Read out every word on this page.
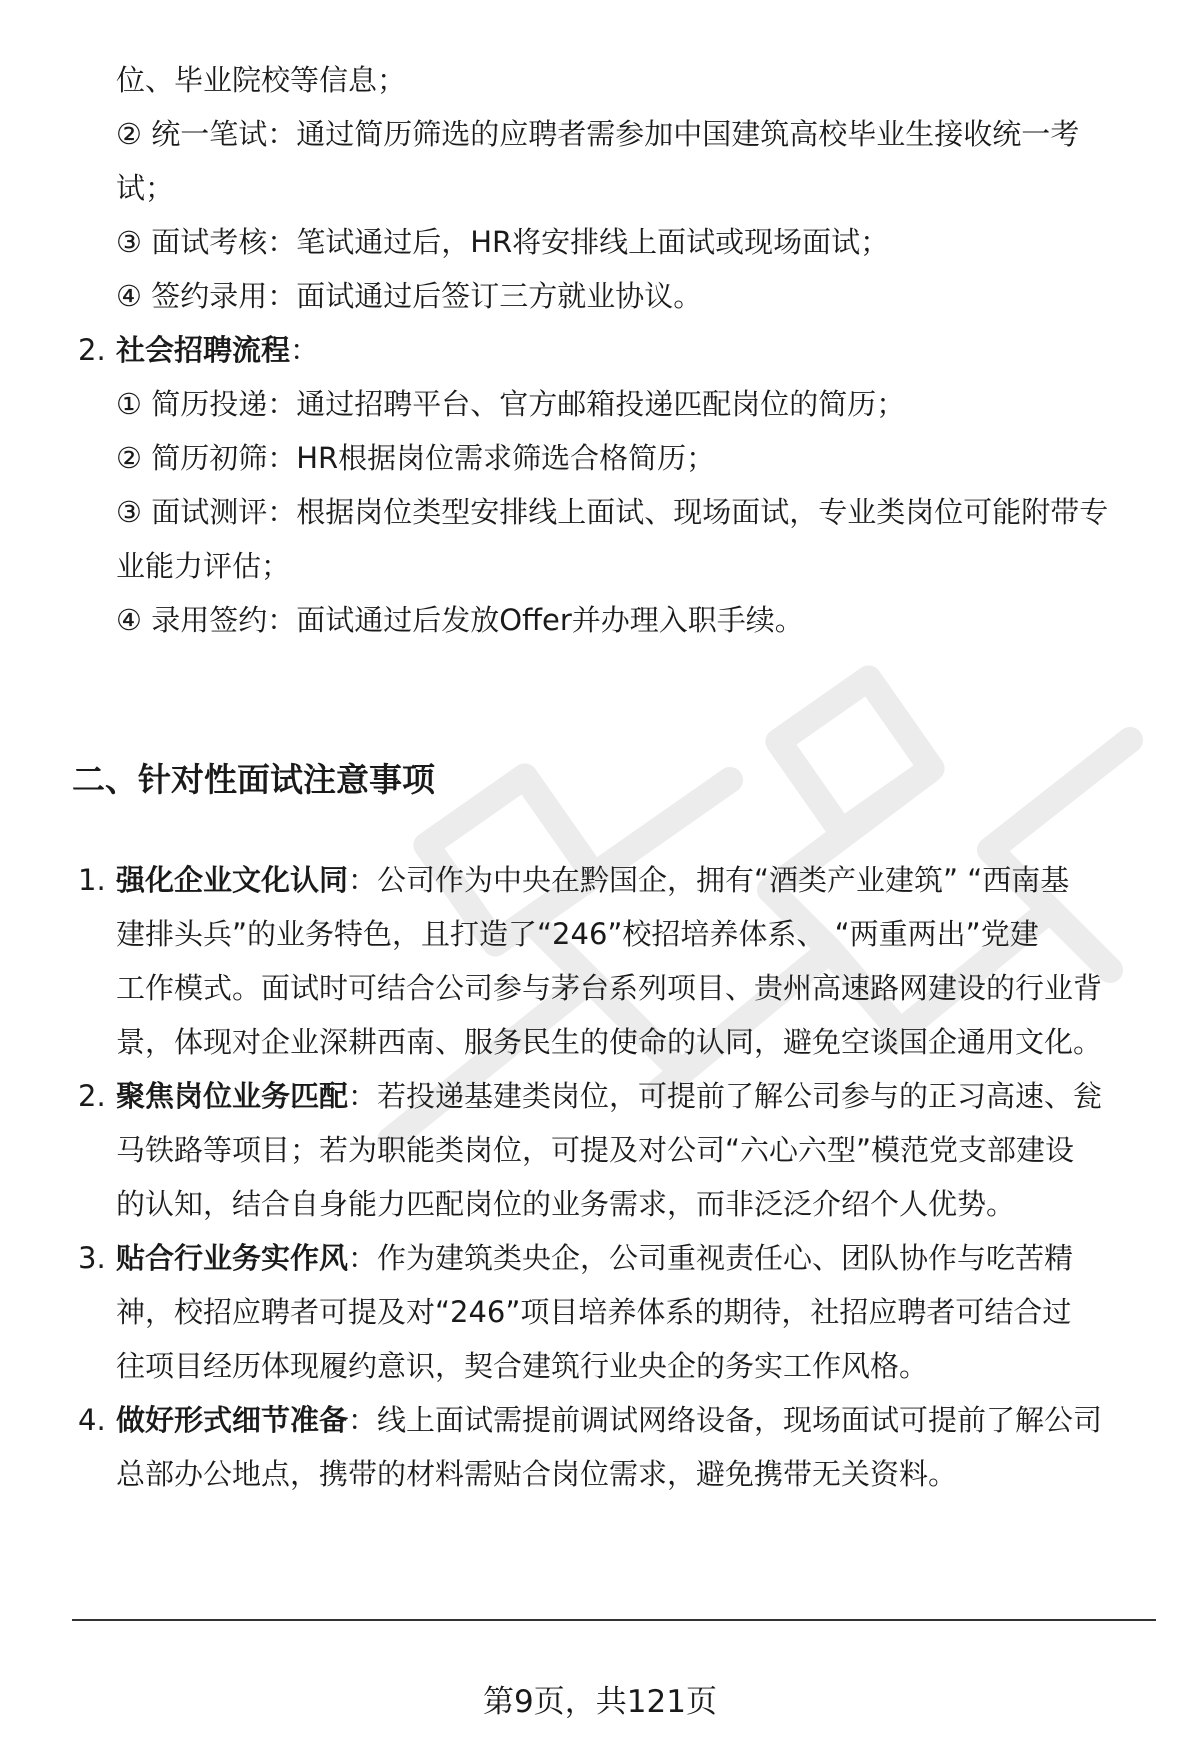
位、毕业院校等信息；
② 统一笔试：通过简历筛选的应聘者需参加中国建筑高校毕业生接收统一考
试；
③ 面试考核：笔试通过后，HR将安排线上面试或现场面试；
④ 签约录用：面试通过后签订三方就业协议。
2. 社会招聘流程：
① 简历投递：通过招聘平台、官方邮箱投递匹配岗位的简历；
② 简历初筛：HR根据岗位需求筛选合格简历；
③ 面试测评：根据岗位类型安排线上面试、现场面试，专业类岗位可能附带专
业能力评估；
④ 录用签约：面试通过后发放Offer并办理入职手续。
二、针对性面试注意事项
1. 强化企业文化认同：公司作为中央在黔国企，拥有“酒类产业建筑” “西南基
建排头兵”的业务特色，且打造了“246”校招培养体系、 “两重两出”党建
工作模式。面试时可结合公司参与茅台系列项目、贵州高速路网建设的行业背
景，体现对企业深耕西南、服务民生的使命的认同，避免空谈国企通用文化。
2. 聚焦岗位业务匹配：若投递基建类岗位，可提前了解公司参与的正习高速、瓮
马铁路等项目；若为职能类岗位，可提及对公司“六心六型”模范党支部建设
的认知，结合自身能力匹配岗位的业务需求，而非泛泛介绍个人优势。
3. 贴合行业务实作风：作为建筑类央企，公司重视责任心、团队协作与吃苦精
神，校招应聘者可提及对“246”项目培养体系的期待，社招应聘者可结合过
往项目经历体现履约意识，契合建筑行业央企的务实工作风格。
4. 做好形式细节准备：线上面试需提前调试网络设备，现场面试可提前了解公司
总部办公地点，携带的材料需贴合岗位需求，避免携带无关资料。
第9页，共121页
